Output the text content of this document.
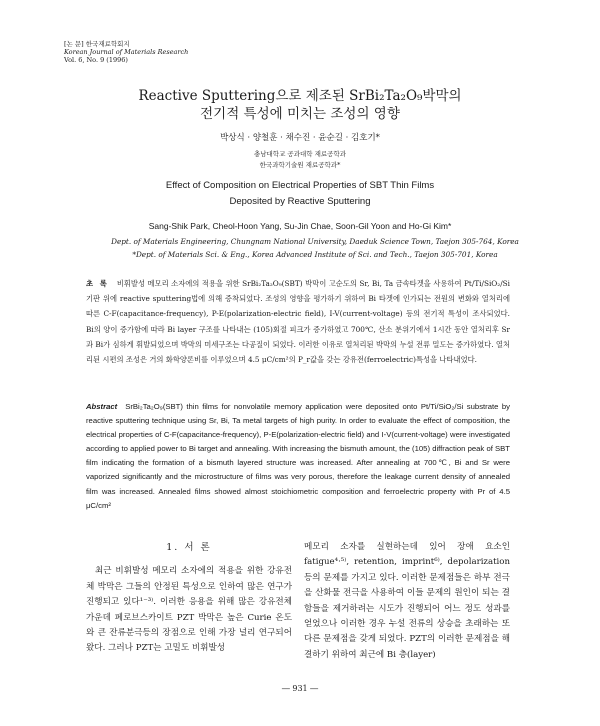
[논 문] 한국재료학회지
Korean Journal of Materials Research
Vol. 6, No. 9 (1996)
Reactive Sputtering으로 제조된 SrBi₂Ta₂O₉박막의
전기적 특성에 미치는 조성의 영향
박상식 · 양철훈 · 채수진 · 윤순길 · 김호기*
충남대학교 공과대학 재료공학과
한국과학기술원 재료공학과*
Effect of Composition on Electrical Properties of SBT Thin Films
Deposited by Reactive Sputtering
Sang-Shik Park, Cheol-Hoon Yang, Su-Jin Chae, Soon-Gil Yoon and Ho-Gi Kim*
Dept. of Materials Engineering, Chungnam National University, Daeduk Science Town, Taejon 305-764, Korea
*Dept. of Materials Sci. & Eng., Korea Advanced Institute of Sci. and Tech., Taejon 305-701, Korea
초 록 비휘발성 메모리 소자에의 적용을 위한 SrBi₂Ta₂O₉(SBT) 박막이 고순도의 Sr, Bi, Ta 금속타겟을 사용하여 Pt/Ti/SiO₂/Si 기판 위에 reactive sputtering법에 의해 증착되었다. 조성의 영향을 평가하기 위하여 Bi 타겟에 인가되는 전원의 변화와 열처리에 따른 C-F(capacitance-frequency), P-E(polarization-electric field), I-V(current-voltage) 등의 전기적 특성이 조사되었다. Bi의 양이 증가함에 따라 Bi layer 구조를 나타내는 (105)회절 피크가 증가하였고 700℃, 산소 분위기에서 1시간 동안 열처리후 Sr과 Bi가 심하게 휘발되었으며 박막의 미세구조는 다공질이 되었다. 이러한 이유로 열처리된 박막의 누설 전류 밀도는 증가하였다. 열처리된 시편의 조성은 거의 화학양론비를 이루었으며 4.5 μC/cm²의 P_r값을 갖는 강유전(ferroelectric)특성을 나타내었다.
Abstract SrBi₂Ta₂O₉(SBT) thin films for nonvolatile memory application were deposited onto Pt/Ti/SiO₂/Si substrate by reactive sputtering technique using Sr, Bi, Ta metal targets of high purity. In order to evaluate the effect of composition, the electrical properties of C-F(capacitance-frequency), P-E(polarization-electric field) and I-V(current-voltage) were investigated according to applied power to Bi target and annealing. With increasing the bismuth amount, the (105) diffraction peak of SBT film indicating the formation of a bismuth layered structure was increased. After annealing at 700℃, Bi and Sr were vaporized significantly and the microstructure of films was very porous, therefore the leakage current density of annealed film was increased. Annealed films showed almost stoichiometric composition and ferroelectric property with Pr of 4.5 μC/cm²
1. 서 론

최근 비휘발성 메모리 소자에의 적용을 위한 강유전체 박막은 그들의 안정된 특성으로 인하여 많은 연구가 진행되고 있다¹⁻³⁾. 이러한 응용을 위해 많은 강유전체 가운데 페로브스카이트 PZT 박막은 높은 Curie 온도와 큰 잔류분극등의 장점으로 인해 가장 널리 연구되어 왔다. 그러나 PZT는 고밀도 비휘발성

메모리 소자를 실현하는데 있어 장애 요소인 fatigue⁴·⁵⁾, retention, imprint⁶⁾, depolarization 등의 문제를 가지고 있다. 이러한 문제점들은 하부 전극을 산화물 전극을 사용하여 이들 문제의 원인이 되는 결함들을 제거하려는 시도가 진행되어 어느 정도 성과를 얻었으나 이러한 경우 누설 전류의 상승을 초래하는 또 다른 문제점을 갖게 되었다. PZT의 이러한 문제점을 해결하기 위하여 최근에 Bi 층(layer)

― 931 ―
